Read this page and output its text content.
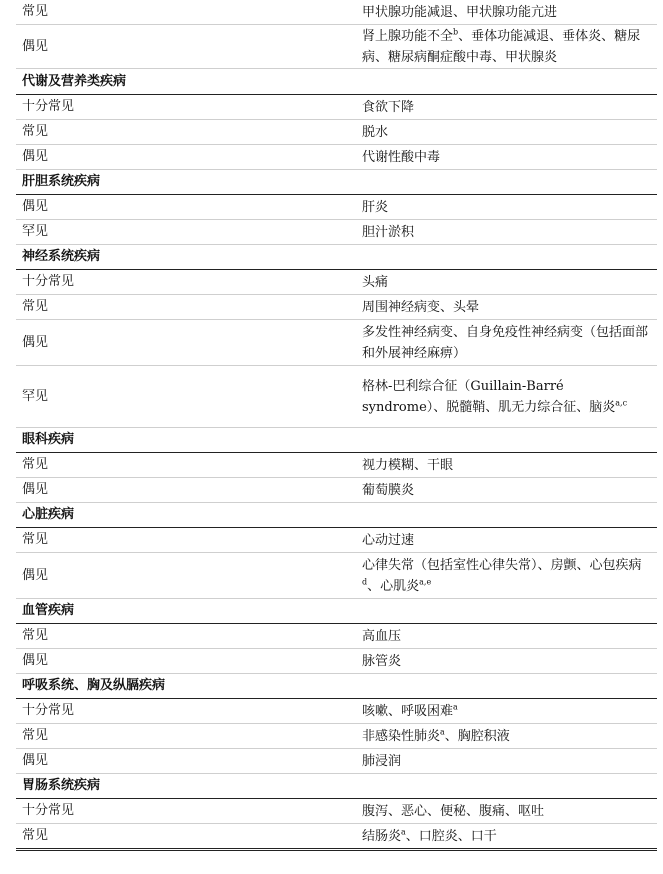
常见	甲状腺功能减退、甲状腺功能亢进
偶见	肾上腺功能不全$^b$、垂体功能减退、垂体炎、糖尿病、糖尿病酮症酸中毒、甲状腺炎
代谢及营养类疾病	
十分常见	食欲下降
常见	脱水
偶见	代谢性酸中毒
肝胆系统疾病	
偶见	肝炎
罕见	胆汁淤积
神经系统疾病	
十分常见	头痛
常见	周围神经病变、头晕
偶见	多发性神经病变、自身免疫性神经病变（包括面部和外展神经麻痹）
罕见	格林-巴利综合征（Guillain-Barré syndrome）、脱髓鞘、肌无力综合征、脑炎$^{a,c}$
眼科疾病	
常见	视力模糊、干眼
偶见	葡萄膜炎
心脏疾病	
常见	心动过速
偶见	心律失常（包括室性心律失常）、房颤、心包疾病$^d$、心肌炎$^{a,e}$
血管疾病	
常见	高血压
偶见	脉管炎
呼吸系统、胸及纵膈疾病	
十分常见	咳嗽、呼吸困难$^a$
常见	非感染性肺炎$^a$、胸腔积液
偶见	肺浸润
胃肠系统疾病	
十分常见	腹泻、恶心、便秘、腹痛、呕吐
常见	结肠炎$^a$、口腔炎、口干
